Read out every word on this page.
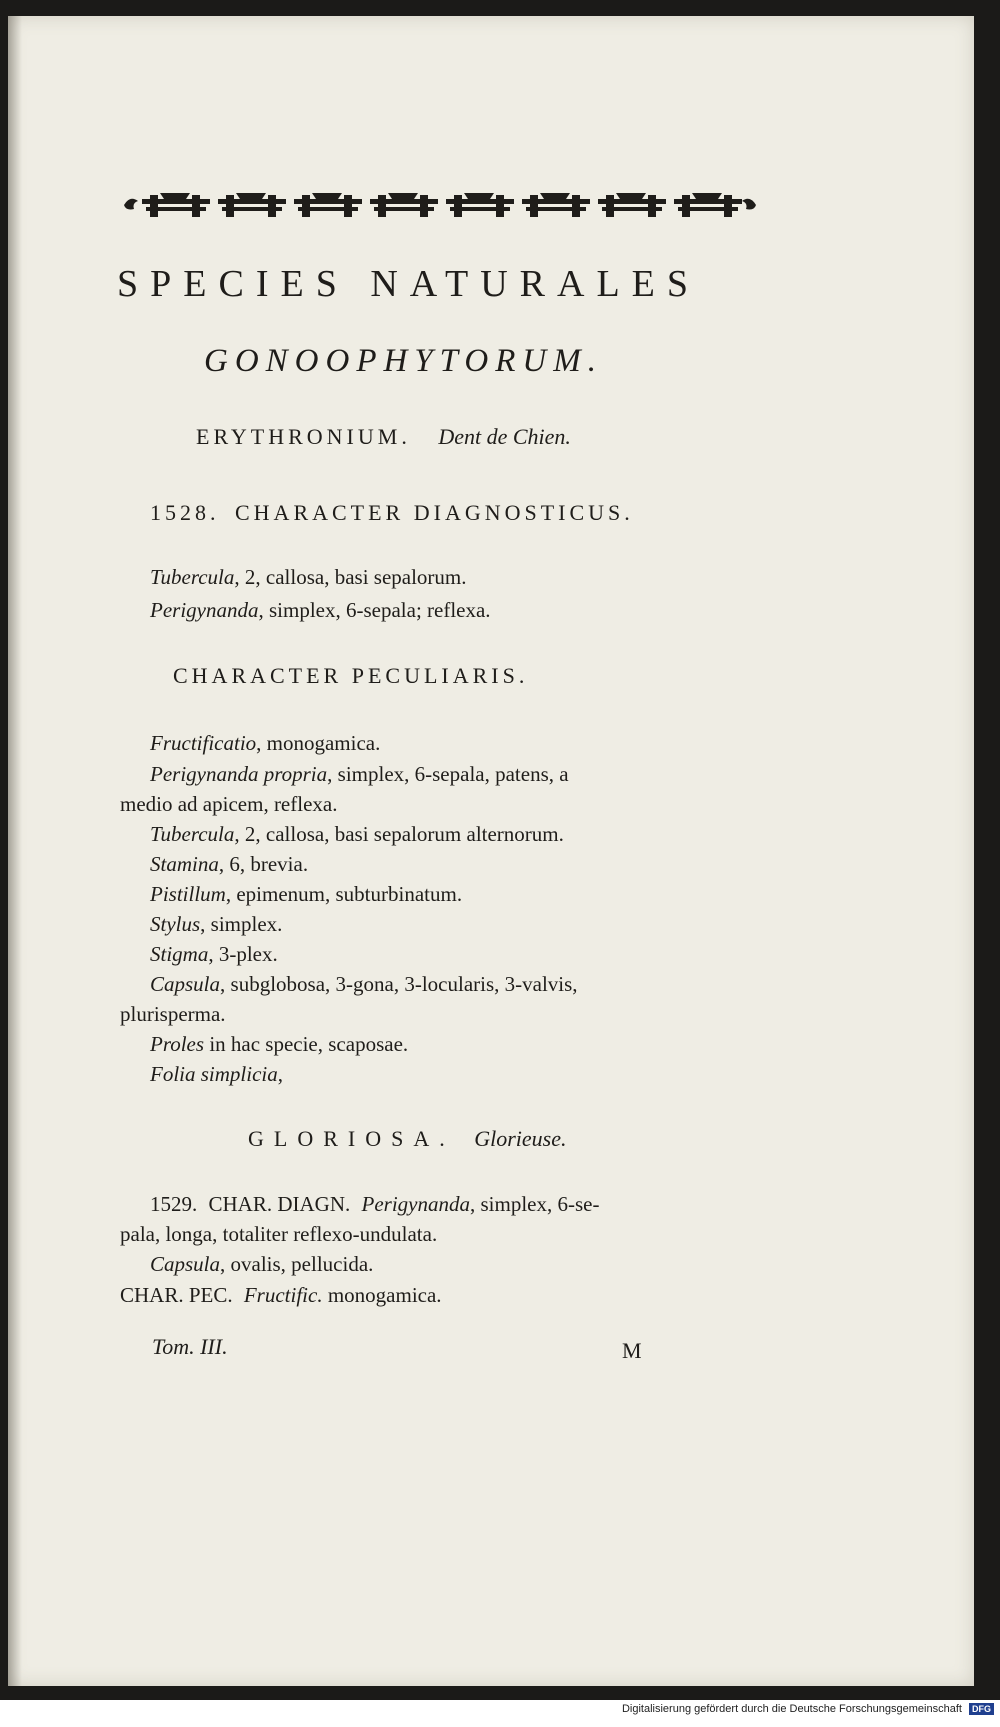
SPECIES NATURALES
GONOOPHYTORUM.
ERYTHRONIUM. Dent de Chien.
1528. CHARACTER DIAGNOSTICUS.
Tubercula, 2, callosa, basi sepalorum.
Perigynanda, simplex, 6-sepala; reflexa.
CHARACTER PECULIARIS.
Fructificatio, monogamica.
Perigynanda propria, simplex, 6-sepala, patens, a
medio ad apicem, reflexa.
Tubercula, 2, callosa, basi sepalorum alternorum.
Stamina, 6, brevia.
Pistillum, epimenum, subturbinatum.
Stylus, simplex.
Stigma, 3-plex.
Capsula, subglobosa, 3-gona, 3-locularis, 3-valvis,
plurisperma.
Proles in hac specie, scaposae.
Folia simplicia,
GLORIOSA. Glorieuse.
1529. CHAR. DIAGN. Perigynanda, simplex, 6-se-
pala, longa, totaliter reflexo-undulata.
Capsula, ovalis, pellucida.
CHAR. PEC. Fructific. monogamica.
Tom. III.	M
Digitalisierung gefördert durch die Deutsche Forschungsgemeinschaft DFG
